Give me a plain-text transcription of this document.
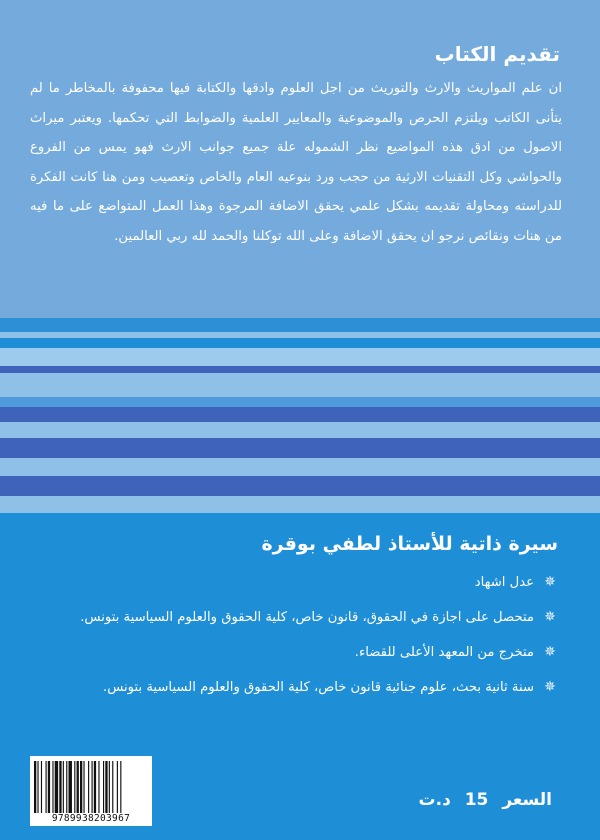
تقديم الكتاب

ان علم المواريث والارث والتوريث من اجل العلوم وادقها والكتابة فيها محفوفة بالمخاطر ما لم يتأنى الكاتب ويلتزم الحرص والموضوعية والمعايير العلمية والضوابط التي تحكمها. ويعتبر ميراث الاصول من ادق هذه المواضيع نظر الشموله علة جميع جوانب الارث فهو يمس من الفروع والحواشي وكل التقنيات الارثية من حجب ورد بنوعيه العام والخاص وتعصيب ومن هنا كانت الفكرة للدراسته ومحاولة تقديمه بشكل علمي يحقق الاضافة المرجوة وهذا العمل المتواضع على ما فيه من هنات ونقائص نرجو ان يحقق الاضافة وعلى الله توكلنا والحمد لله ربي العالمين.

سيرة ذاتية للأستاذ لطفي بوقرة
✵
عدل اشهاد
✵
متحصل على اجازة في الحقوق، قانون خاص، كلية الحقوق والعلوم السياسية بتونس.
✵
متخرج من المعهد الأعلى للقضاء.
✵
سنة ثانية بحث، علوم جنائية قانون خاص، كلية الحقوق والعلوم السياسية بتونس.
9789938203967
السعر 15 د.ت
